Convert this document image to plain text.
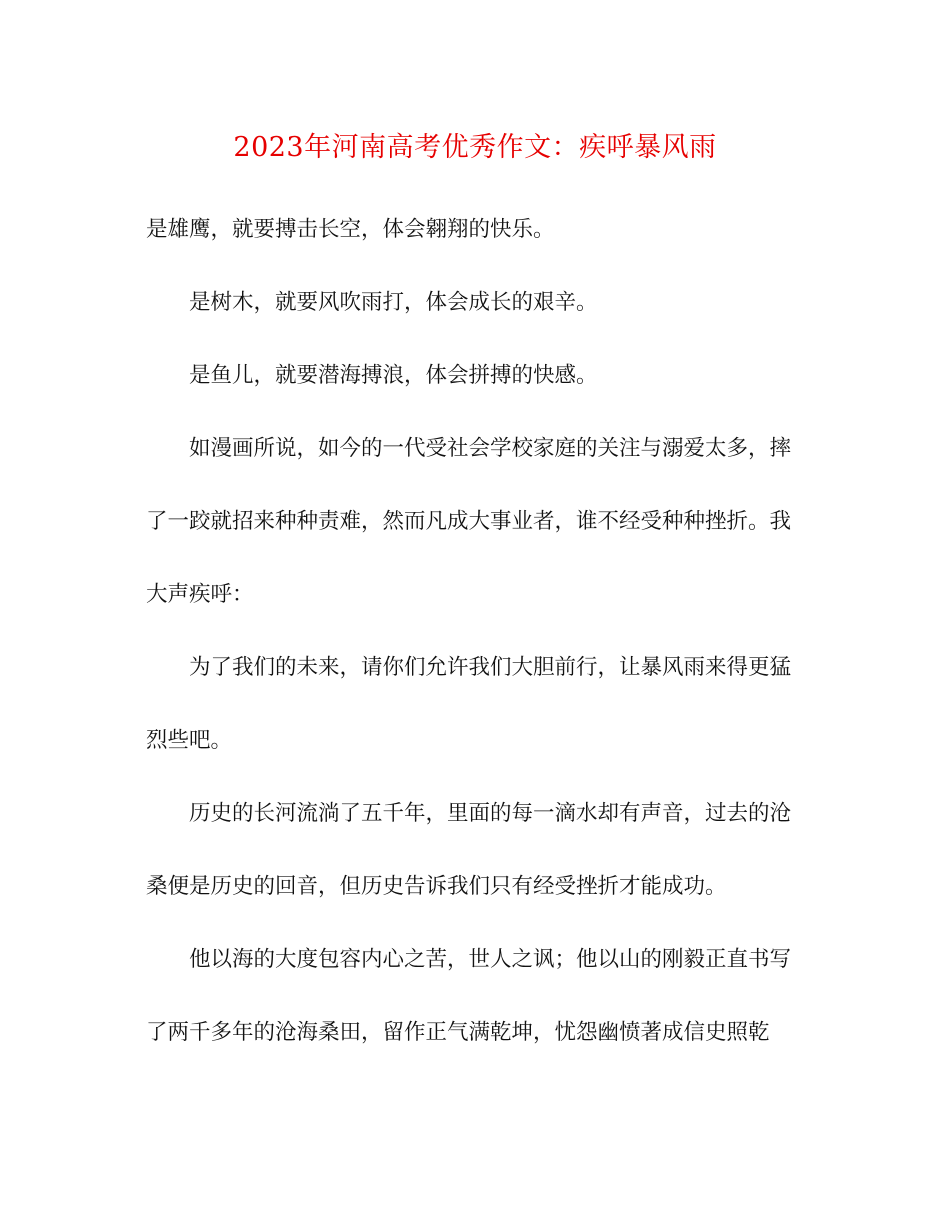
2023年河南高考优秀作文：疾呼暴风雨
是雄鹰，就要搏击长空，体会翱翔的快乐。
是树木，就要风吹雨打，体会成长的艰辛。
是鱼儿，就要潜海搏浪，体会拼搏的快感。
如漫画所说，如今的一代受社会学校家庭的关注与溺爱太多，摔
了一跤就招来种种责难，然而凡成大事业者，谁不经受种种挫折。我
大声疾呼：
为了我们的未来，请你们允许我们大胆前行，让暴风雨来得更猛
烈些吧。
历史的长河流淌了五千年，里面的每一滴水却有声音，过去的沧
桑便是历史的回音，但历史告诉我们只有经受挫折才能成功。
他以海的大度包容内心之苦，世人之讽；他以山的刚毅正直书写
了两千多年的沧海桑田，留作正气满乾坤，忧怨幽愤著成信史照乾
